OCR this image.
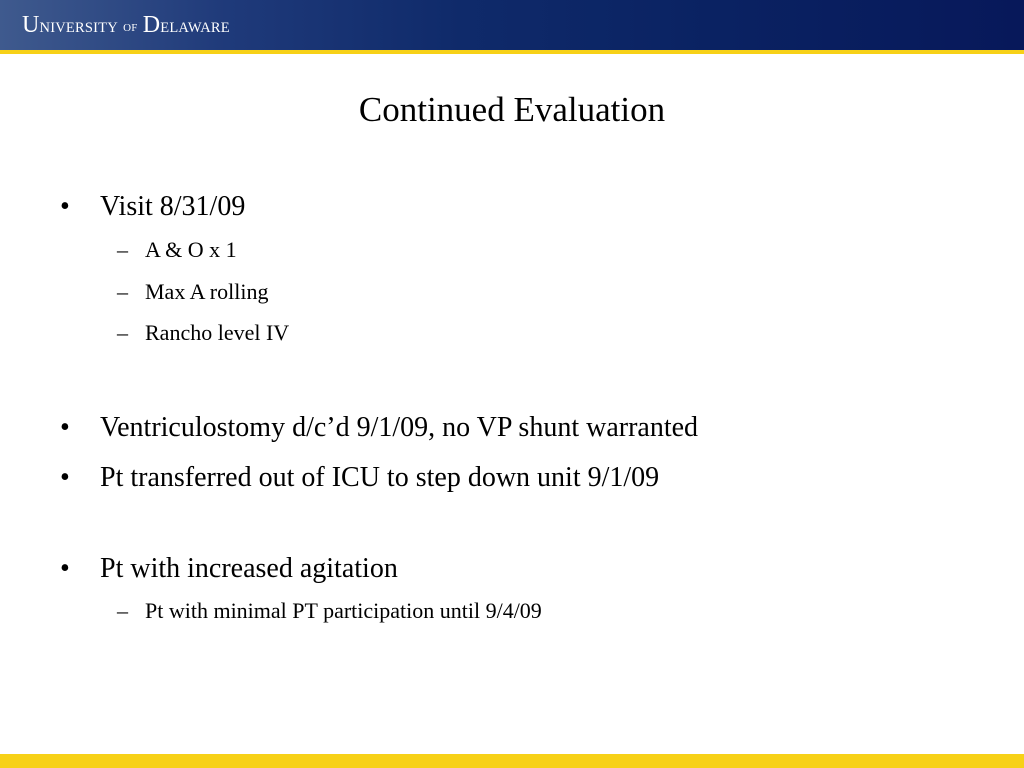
UNIVERSITY OF DELAWARE
Continued Evaluation
•	Visit 8/31/09
– A & O x 1
– Max A rolling
– Rancho level IV
•	Ventriculostomy d/c’d 9/1/09, no VP shunt warranted
•	Pt transferred out of ICU to step down unit 9/1/09
•	Pt with increased agitation
– Pt with minimal PT participation until 9/4/09
